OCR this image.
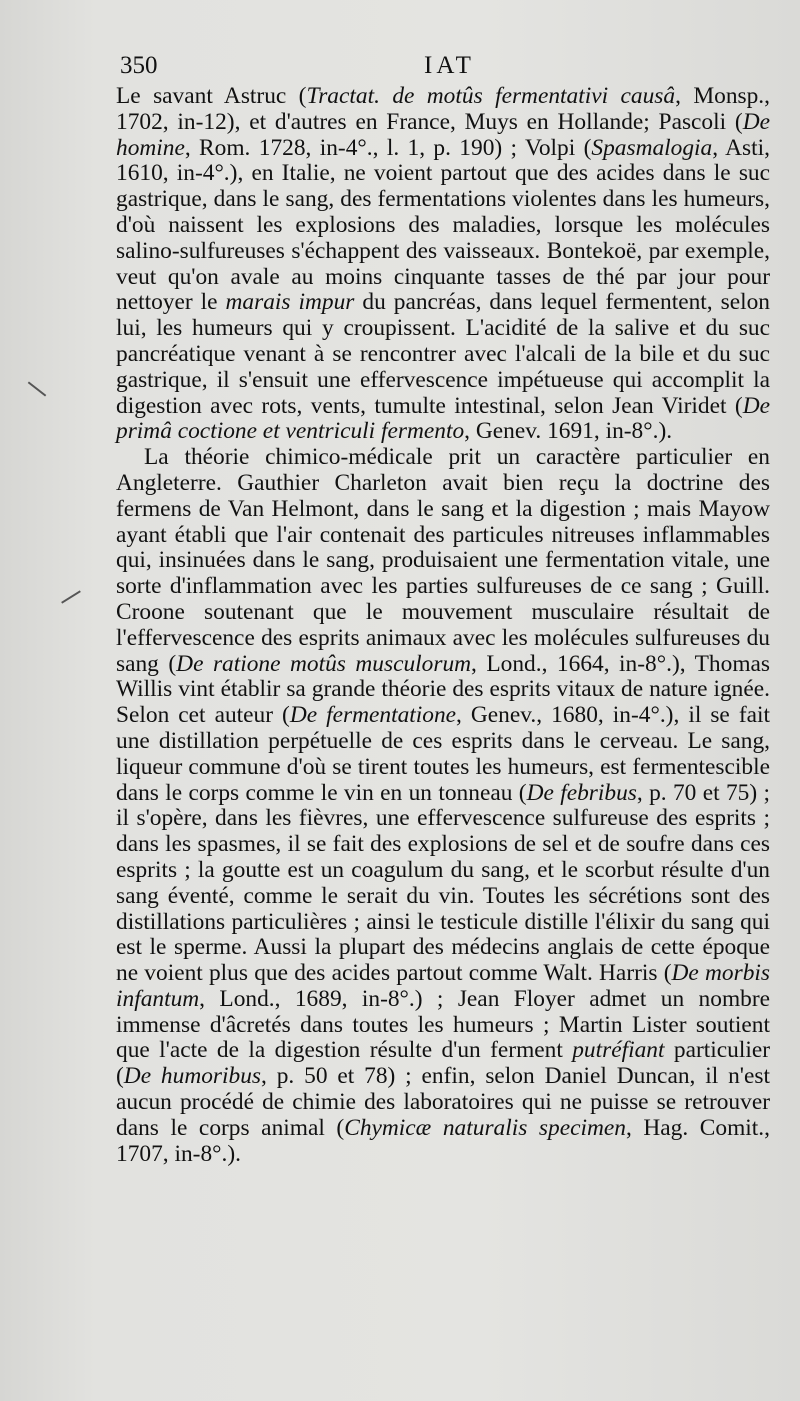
350	IAT

Le savant Astruc (Tractat. de motûs fermentativi causâ, Monsp., 1702, in-12), et d'autres en France, Muys en Hollande; Pascoli (De homine, Rom. 1728, in-4°., l. 1, p. 190) ; Volpi (Spasmalogia, Asti, 1610, in-4°.), en Italie, ne voient partout que des acides dans le suc gastrique, dans le sang, des fermentations violentes dans les humeurs, d'où naissent les explosions des maladies, lorsque les molécules salino-sulfureuses s'échappent des vaisseaux. Bontekoë, par exemple, veut qu'on avale au moins cinquante tasses de thé par jour pour nettoyer le marais impur du pancréas, dans lequel fermentent, selon lui, les humeurs qui y croupissent. L'acidité de la salive et du suc pancréatique venant à se rencontrer avec l'alcali de la bile et du suc gastrique, il s'ensuit une effervescence impétueuse qui accomplit la digestion avec rots, vents, tumulte intestinal, selon Jean Viridet (De primâ coctione et ventriculi fermento, Genev. 1691, in-8°.).

La théorie chimico-médicale prit un caractère particulier en Angleterre. Gauthier Charleton avait bien reçu la doctrine des fermens de Van Helmont, dans le sang et la digestion ; mais Mayow ayant établi que l'air contenait des particules nitreuses inflammables qui, insinuées dans le sang, produisaient une fermentation vitale, une sorte d'inflammation avec les parties sulfureuses de ce sang ; Guill. Croone soutenant que le mouvement musculaire résultait de l'effervescence des esprits animaux avec les molécules sulfureuses du sang (De ratione motûs musculorum, Lond., 1664, in-8°.), Thomas Willis vint établir sa grande théorie des esprits vitaux de nature ignée. Selon cet auteur (De fermentatione, Genev., 1680, in-4°.), il se fait une distillation perpétuelle de ces esprits dans le cerveau. Le sang, liqueur commune d'où se tirent toutes les humeurs, est fermentescible dans le corps comme le vin en un tonneau (De febribus, p. 70 et 75) ; il s'opère, dans les fièvres, une effervescence sulfureuse des esprits ; dans les spasmes, il se fait des explosions de sel et de soufre dans ces esprits ; la goutte est un coagulum du sang, et le scorbut résulte d'un sang éventé, comme le serait du vin. Toutes les sécrétions sont des distillations particulières ; ainsi le testicule distille l'élixir du sang qui est le sperme. Aussi la plupart des médecins anglais de cette époque ne voient plus que des acides partout comme Walt. Harris (De morbis infantum, Lond., 1689, in-8°.) ; Jean Floyer admet un nombre immense d'âcretés dans toutes les humeurs ; Martin Lister soutient que l'acte de la digestion résulte d'un ferment putréfiant particulier (De humoribus, p. 50 et 78) ; enfin, selon Daniel Duncan, il n'est aucun procédé de chimie des laboratoires qui ne puisse se retrouver dans le corps animal (Chymicæ naturalis specimen, Hag. Comit., 1707, in-8°.).
